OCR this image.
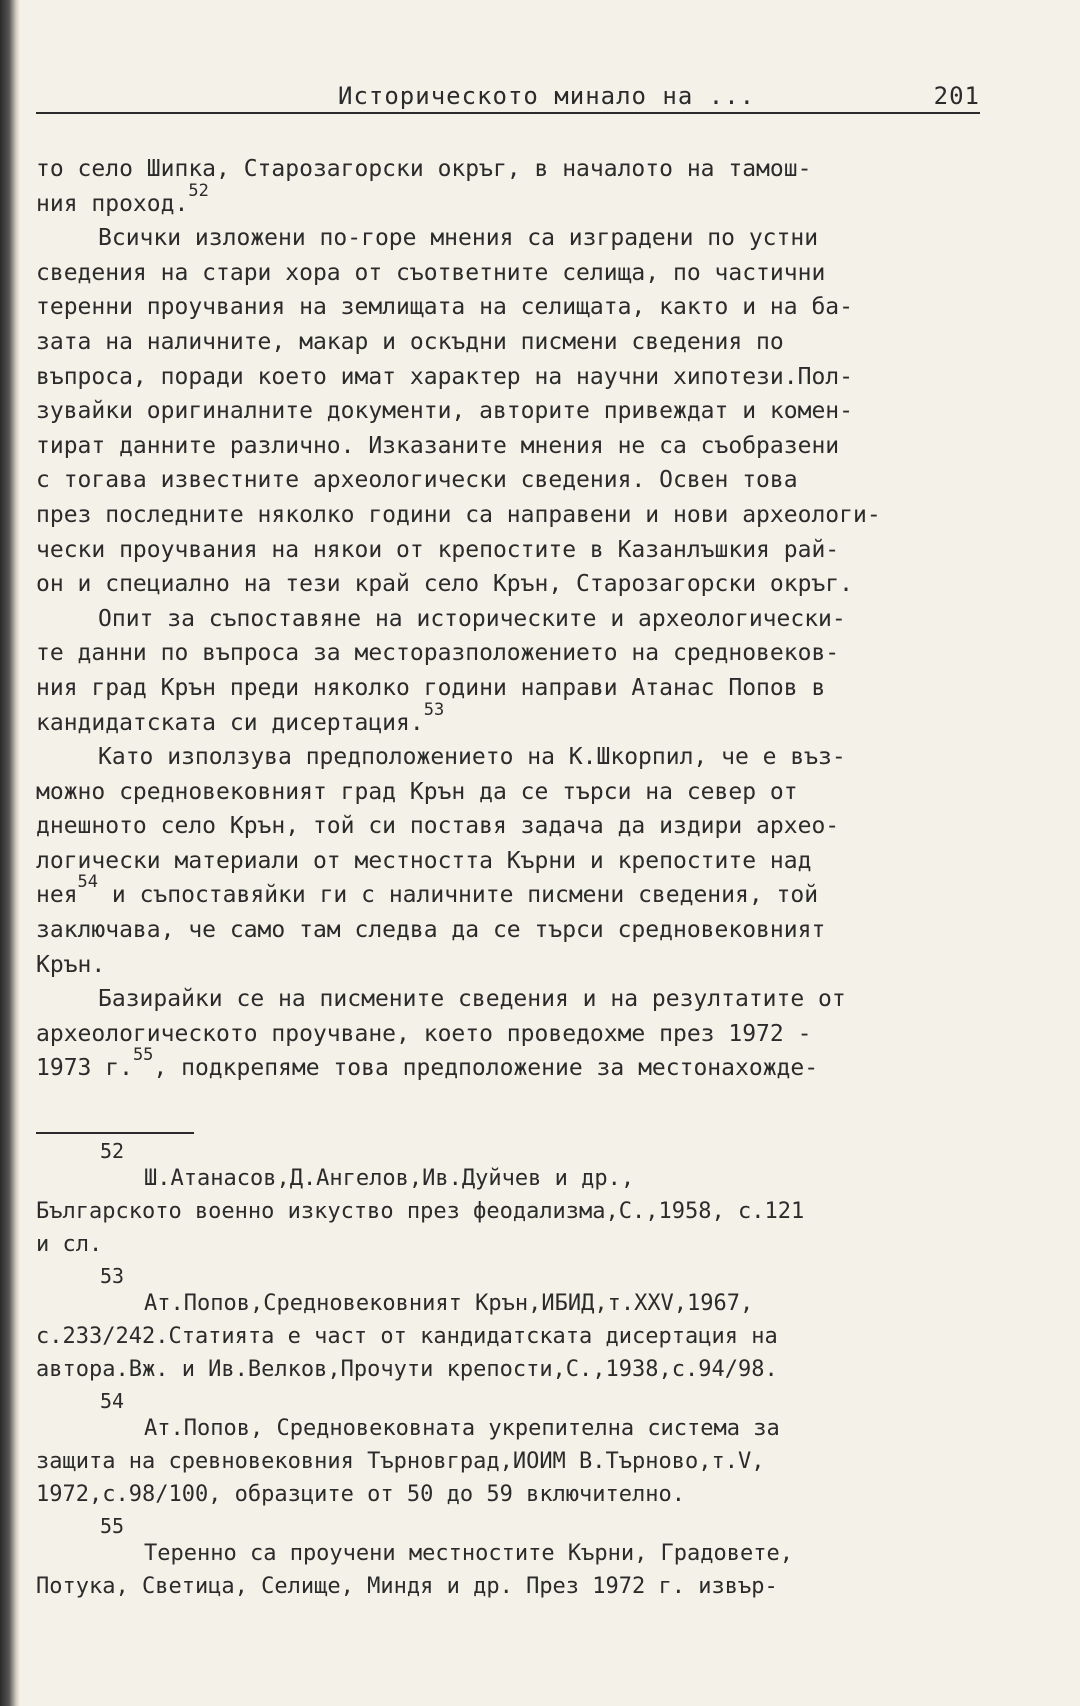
Историческото минало на ...	201
то село Шипка, Старозагорски окръг, в началото на тамош-
ния проход.$^{52}$
Всички изложени по-горе мнения са изградени по устни
сведения на стари хора от съответните селища, по частични
теренни проучвания на землищата на селищата, както и на ба-
зата на наличните, макар и оскъдни писмени сведения по
въпроса, поради което имат характер на научни хипотези.Пол-
зувайки оригиналните документи, авторите привеждат и комен-
тират данните различно. Изказаните мнения не са съобразени
с тогава известните археологически сведения. Освен това
през последните няколко години са направени и нови археологи-
чески проучвания на някои от крепостите в Казанлъшкия рай-
он и специално на тези край село Крън, Старозагорски окръг.
Опит за съпоставяне на историческите и археологически-
те данни по въпроса за месторазположението на средновеков-
ния град Крън преди няколко години направи Атанас Попов в
кандидатската си дисертация.$^{53}$
Като използува предположението на К.Шкорпил, че е въз-
можно средновековният град Крън да се търси на север от
днешното село Крън, той си поставя задача да издири архео-
логически материали от местността Кърни и крепостите над
нея$^{54}$ и съпоставяйки ги с наличните писмени сведения, той
заключава, че само там следва да се търси средновековният
Крън.
Базирайки се на писмените сведения и на резултатите от
археологическото проучване, което проведохме през 1972 -
1973 г.$^{55}$, подкрепяме това предположение за местонахожде-
52
Ш.Атанасов,Д.Ангелов,Ив.Дуйчев и др.,
Българското военно изкуство през феодализма,С.,1958, с.121
и сл.
53
Ат.Попов,Средновековният Крън,ИБИД,т.XXV,1967,
с.233/242.Статията е част от кандидатската дисертация на
автора.Вж. и Ив.Велков,Прочути крепости,С.,1938,с.94/98.
54
Ат.Попов, Средновековната укрепителна система за
защита на сревновековния Търновград,ИОИМ В.Търново,т.V,
1972,с.98/100, образците от 50 до 59 включително.
55
Теренно са проучени местностите Кърни, Градовете,
Потука, Светица, Селище, Миндя и др. През 1972 г. извър-
